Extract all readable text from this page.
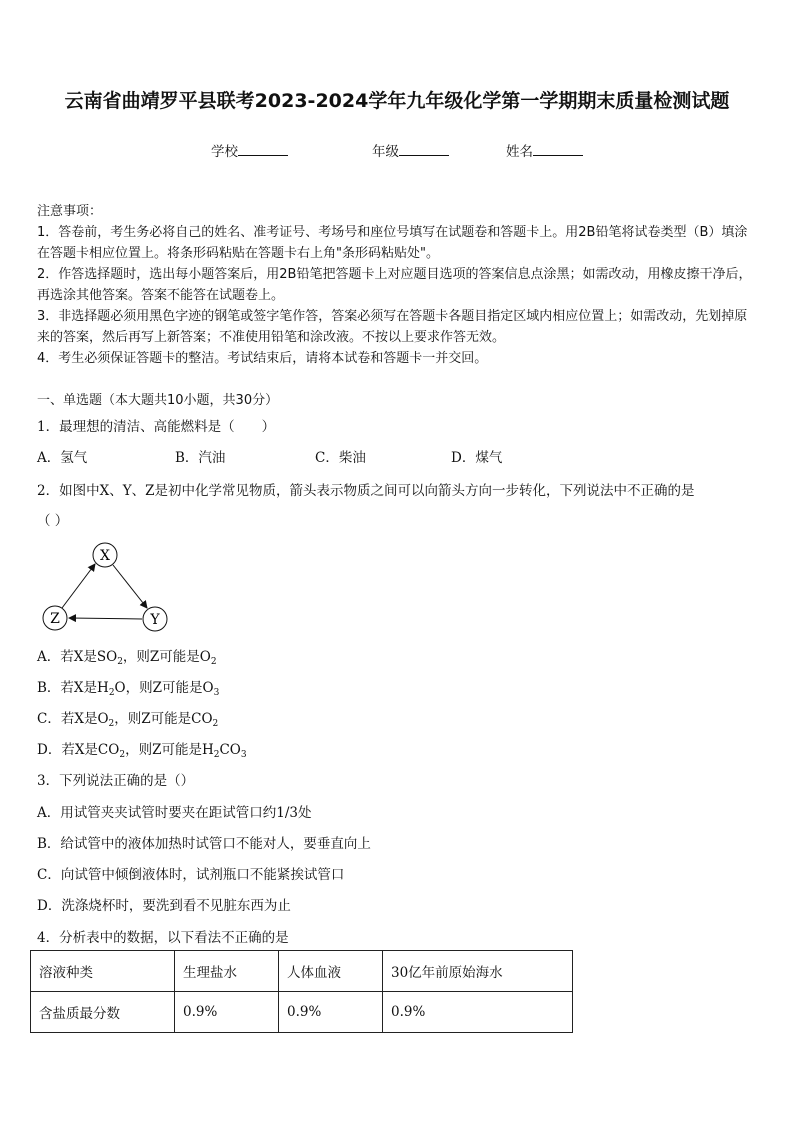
云南省曲靖罗平县联考2023-2024学年九年级化学第一学期期末质量检测试题
学校	年级	姓名
注意事项：
1．答卷前，考生务必将自己的姓名、准考证号、考场号和座位号填写在试题卷和答题卡上。用2B铅笔将试卷类型（B）填涂在答题卡相应位置上。将条形码粘贴在答题卡右上角"条形码粘贴处"。
2．作答选择题时，选出每小题答案后，用2B铅笔把答题卡上对应题目选项的答案信息点涂黑；如需改动，用橡皮擦干净后，再选涂其他答案。答案不能答在试题卷上。
3．非选择题必须用黑色字迹的钢笔或签字笔作答，答案必须写在答题卡各题目指定区域内相应位置上；如需改动，先划掉原来的答案，然后再写上新答案；不准使用铅笔和涂改液。不按以上要求作答无效。
4．考生必须保证答题卡的整洁。考试结束后，请将本试卷和答题卡一并交回。
一、单选题（本大题共10小题，共30分）
1．最理想的清洁、高能燃料是（　　）
A．氢气	B．汽油	C．柴油	D．煤气
2．如图中X、Y、Z是初中化学常见物质，箭头表示物质之间可以向箭头方向一步转化，下列说法中不正确的是
（ ）
X
Y
Z
A．若X是$SO_2$，则Z可能是$O_2$
B．若X是$H_2O$，则Z可能是$O_3$
C．若X是$O_2$，则Z可能是$CO_2$
D．若X是$CO_2$，则Z可能是$H_2CO_3$
3．下列说法正确的是（）
A．用试管夹夹试管时要夹在距试管口约1/3处
B．给试管中的液体加热时试管口不能对人，要垂直向上
C．向试管中倾倒液体时，试剂瓶口不能紧挨试管口
D．洗涤烧杯时，要洗到看不见脏东西为止
4．分析表中的数据，以下看法不正确的是
溶液种类	生理盐水	人体血液	30亿年前原始海水
含盐质最分数	0.9%	0.9%	0.9%
